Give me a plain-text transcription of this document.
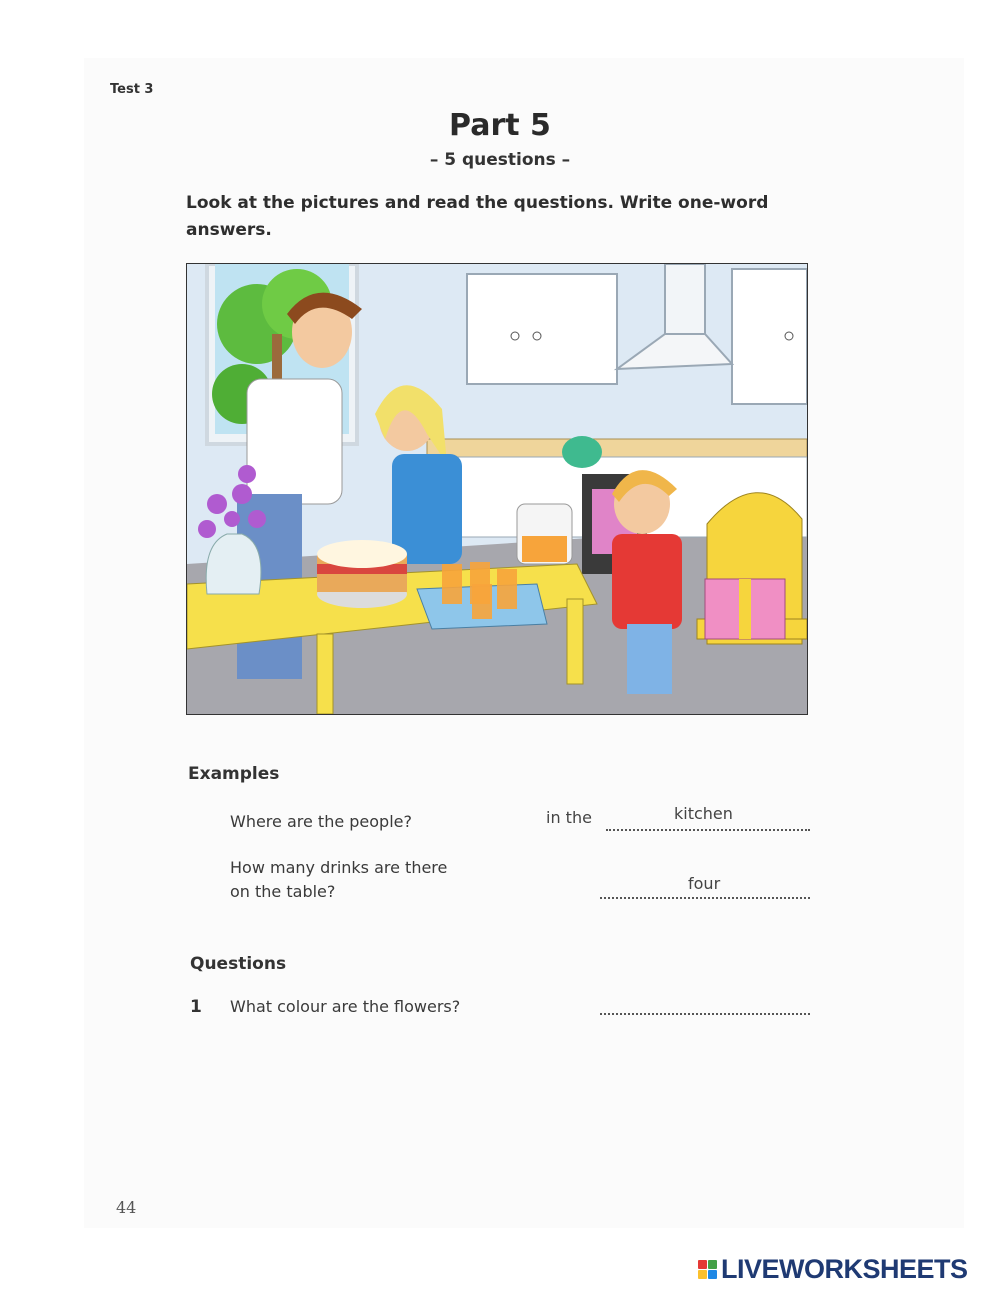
Test 3
Part 5
– 5 questions –
Look at the pictures and read the questions. Write one-word answers.
Examples
Where are the people?	in the	kitchen
How many drinks are there
on the table?	four
Questions
1 What colour are the flowers?
44
LIVEWORKSHEETS
